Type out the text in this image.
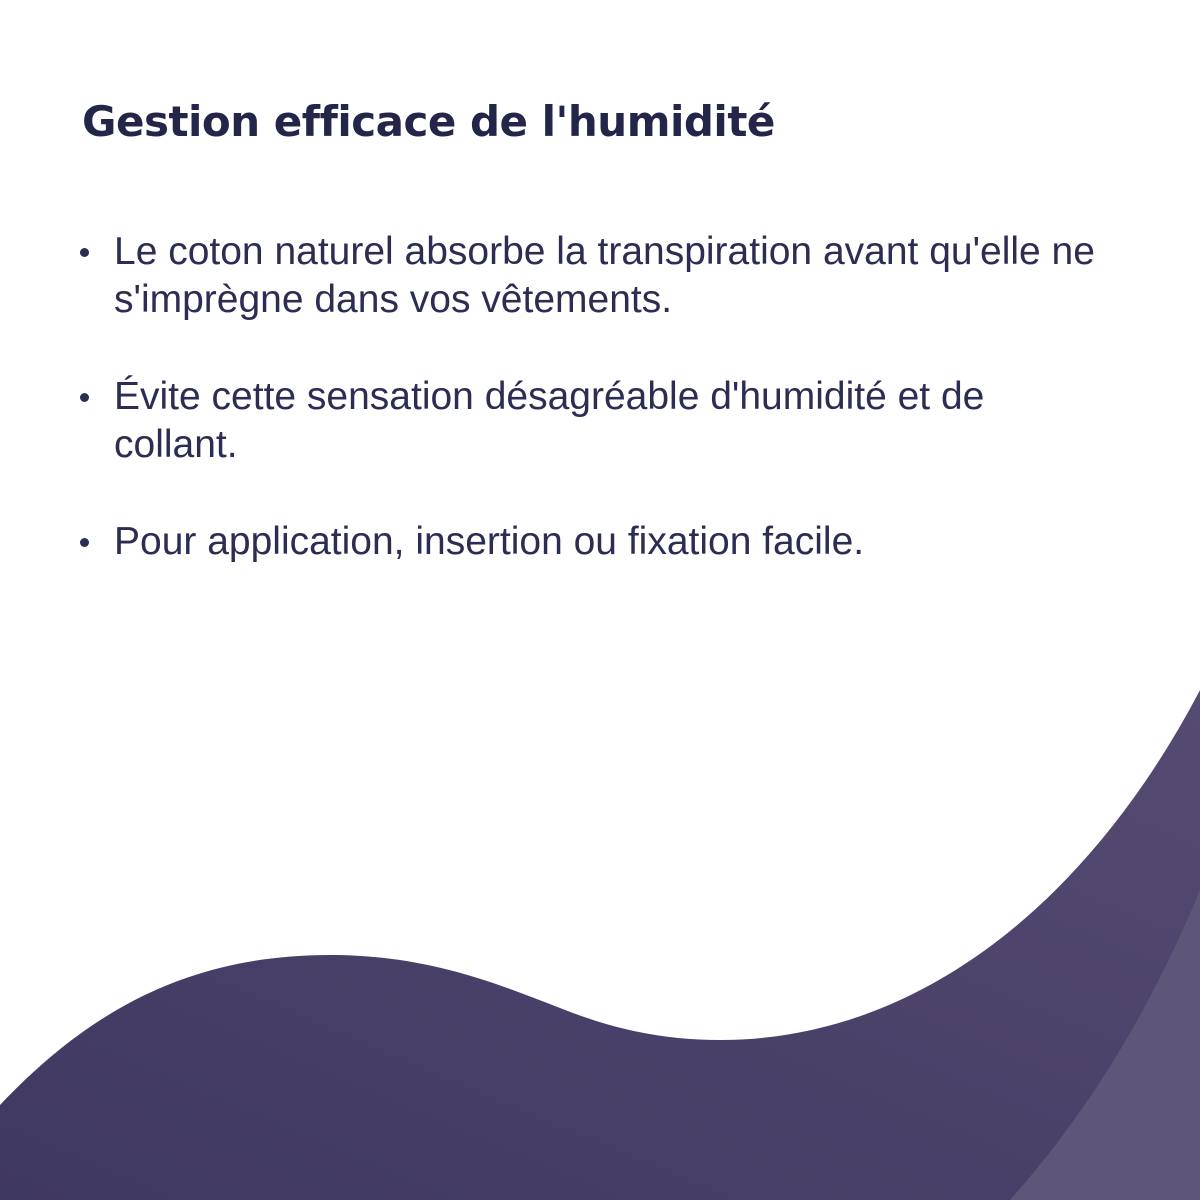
Gestion efficace de l'humidité
Le coton naturel absorbe la transpiration avant qu'elle ne s'imprègne dans vos vêtements.
Évite cette sensation désagréable d'humidité et de collant.
Pour application, insertion ou fixation facile.
